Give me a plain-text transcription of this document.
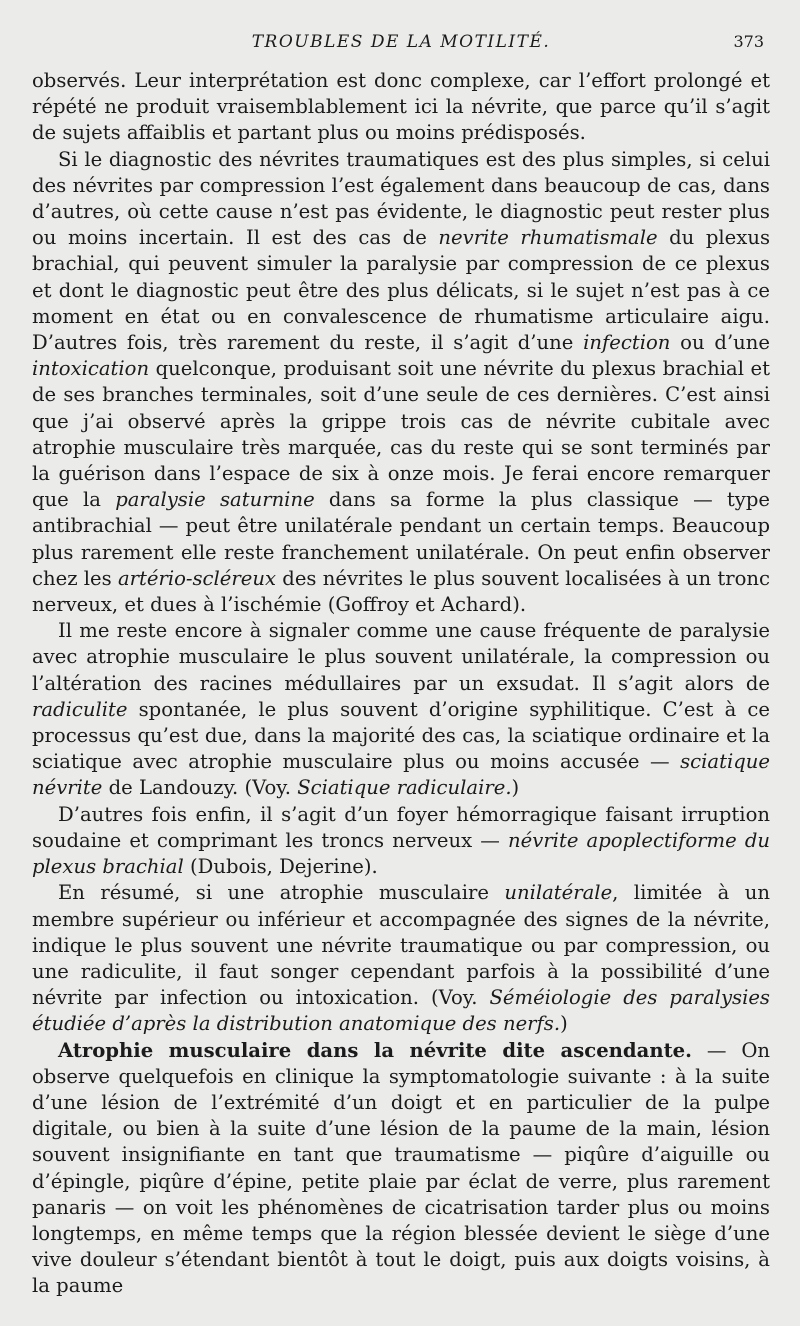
TROUBLES DE LA MOTILITÉ.	373

observés. Leur interprétation est donc complexe, car l’effort prolongé et répété ne produit vraisemblablement ici la névrite, que parce qu’il s’agit de sujets affaiblis et partant plus ou moins prédisposés.

Si le diagnostic des névrites traumatiques est des plus simples, si celui des névrites par compression l’est également dans beaucoup de cas, dans d’autres, où cette cause n’est pas évidente, le diagnostic peut rester plus ou moins incertain. Il est des cas de nevrite rhumatismale du plexus brachial, qui peuvent simuler la paralysie par compression de ce plexus et dont le diagnostic peut être des plus délicats, si le sujet n’est pas à ce moment en état ou en convalescence de rhumatisme articulaire aigu. D’autres fois, très rarement du reste, il s’agit d’une infection ou d’une intoxication quelconque, produisant soit une névrite du plexus brachial et de ses branches terminales, soit d’une seule de ces dernières. C’est ainsi que j’ai observé après la grippe trois cas de névrite cubitale avec atrophie musculaire très marquée, cas du reste qui se sont terminés par la guérison dans l’espace de six à onze mois. Je ferai encore remarquer que la paralysie saturnine dans sa forme la plus classique — type antibrachial — peut être unilatérale pendant un certain temps. Beaucoup plus rarement elle reste franchement unilatérale. On peut enfin observer chez les artério-scléreux des névrites le plus souvent localisées à un tronc nerveux, et dues à l’ischémie (Goffroy et Achard).

Il me reste encore à signaler comme une cause fréquente de paralysie avec atrophie musculaire le plus souvent unilatérale, la compression ou l’altération des racines médullaires par un exsudat. Il s’agit alors de radiculite spontanée, le plus souvent d’origine syphilitique. C’est à ce processus qu’est due, dans la majorité des cas, la sciatique ordinaire et la sciatique avec atrophie musculaire plus ou moins accusée — sciatique névrite de Landouzy. (Voy. Sciatique radiculaire.)

D’autres fois enfin, il s’agit d’un foyer hémorragique faisant irruption soudaine et comprimant les troncs nerveux — névrite apoplectiforme du plexus brachial (Dubois, Dejerine).

En résumé, si une atrophie musculaire unilatérale, limitée à un membre supérieur ou inférieur et accompagnée des signes de la névrite, indique le plus souvent une névrite traumatique ou par compression, ou une radiculite, il faut songer cependant parfois à la possibilité d’une névrite par infection ou intoxication. (Voy. Séméiologie des paralysies étudiée d’après la distribution anatomique des nerfs.)

Atrophie musculaire dans la névrite dite ascendante. — On observe quelquefois en clinique la symptomatologie suivante : à la suite d’une lésion de l’extrémité d’un doigt et en particulier de la pulpe digitale, ou bien à la suite d’une lésion de la paume de la main, lésion souvent insignifiante en tant que traumatisme — piqûre d’aiguille ou d’épingle, piqûre d’épine, petite plaie par éclat de verre, plus rarement panaris — on voit les phénomènes de cicatrisation tarder plus ou moins longtemps, en même temps que la région blessée devient le siège d’une vive douleur s’étendant bientôt à tout le doigt, puis aux doigts voisins, à la paume
